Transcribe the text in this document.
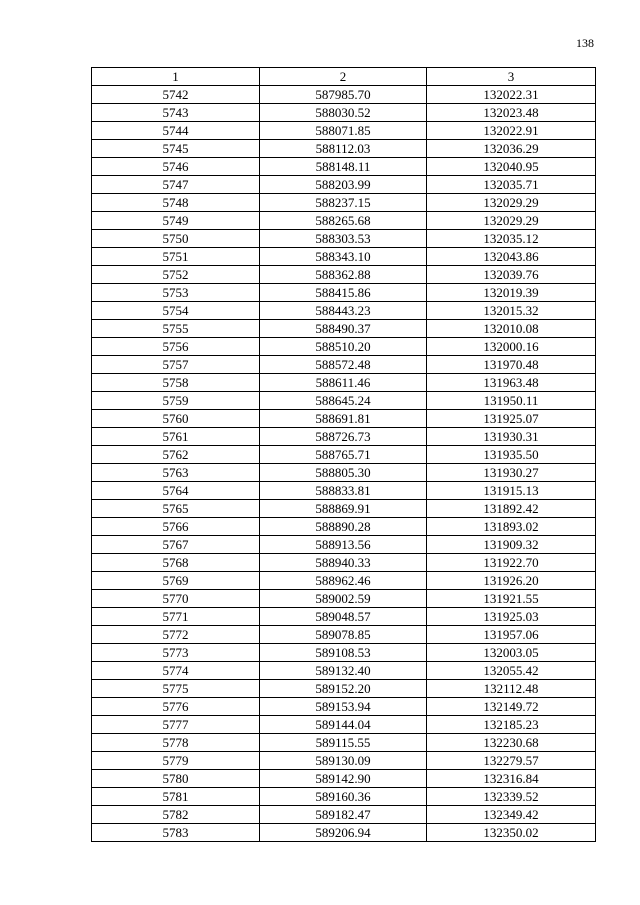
138
1	2	3
5742	587985.70	132022.31
5743	588030.52	132023.48
5744	588071.85	132022.91
5745	588112.03	132036.29
5746	588148.11	132040.95
5747	588203.99	132035.71
5748	588237.15	132029.29
5749	588265.68	132029.29
5750	588303.53	132035.12
5751	588343.10	132043.86
5752	588362.88	132039.76
5753	588415.86	132019.39
5754	588443.23	132015.32
5755	588490.37	132010.08
5756	588510.20	132000.16
5757	588572.48	131970.48
5758	588611.46	131963.48
5759	588645.24	131950.11
5760	588691.81	131925.07
5761	588726.73	131930.31
5762	588765.71	131935.50
5763	588805.30	131930.27
5764	588833.81	131915.13
5765	588869.91	131892.42
5766	588890.28	131893.02
5767	588913.56	131909.32
5768	588940.33	131922.70
5769	588962.46	131926.20
5770	589002.59	131921.55
5771	589048.57	131925.03
5772	589078.85	131957.06
5773	589108.53	132003.05
5774	589132.40	132055.42
5775	589152.20	132112.48
5776	589153.94	132149.72
5777	589144.04	132185.23
5778	589115.55	132230.68
5779	589130.09	132279.57
5780	589142.90	132316.84
5781	589160.36	132339.52
5782	589182.47	132349.42
5783	589206.94	132350.02
